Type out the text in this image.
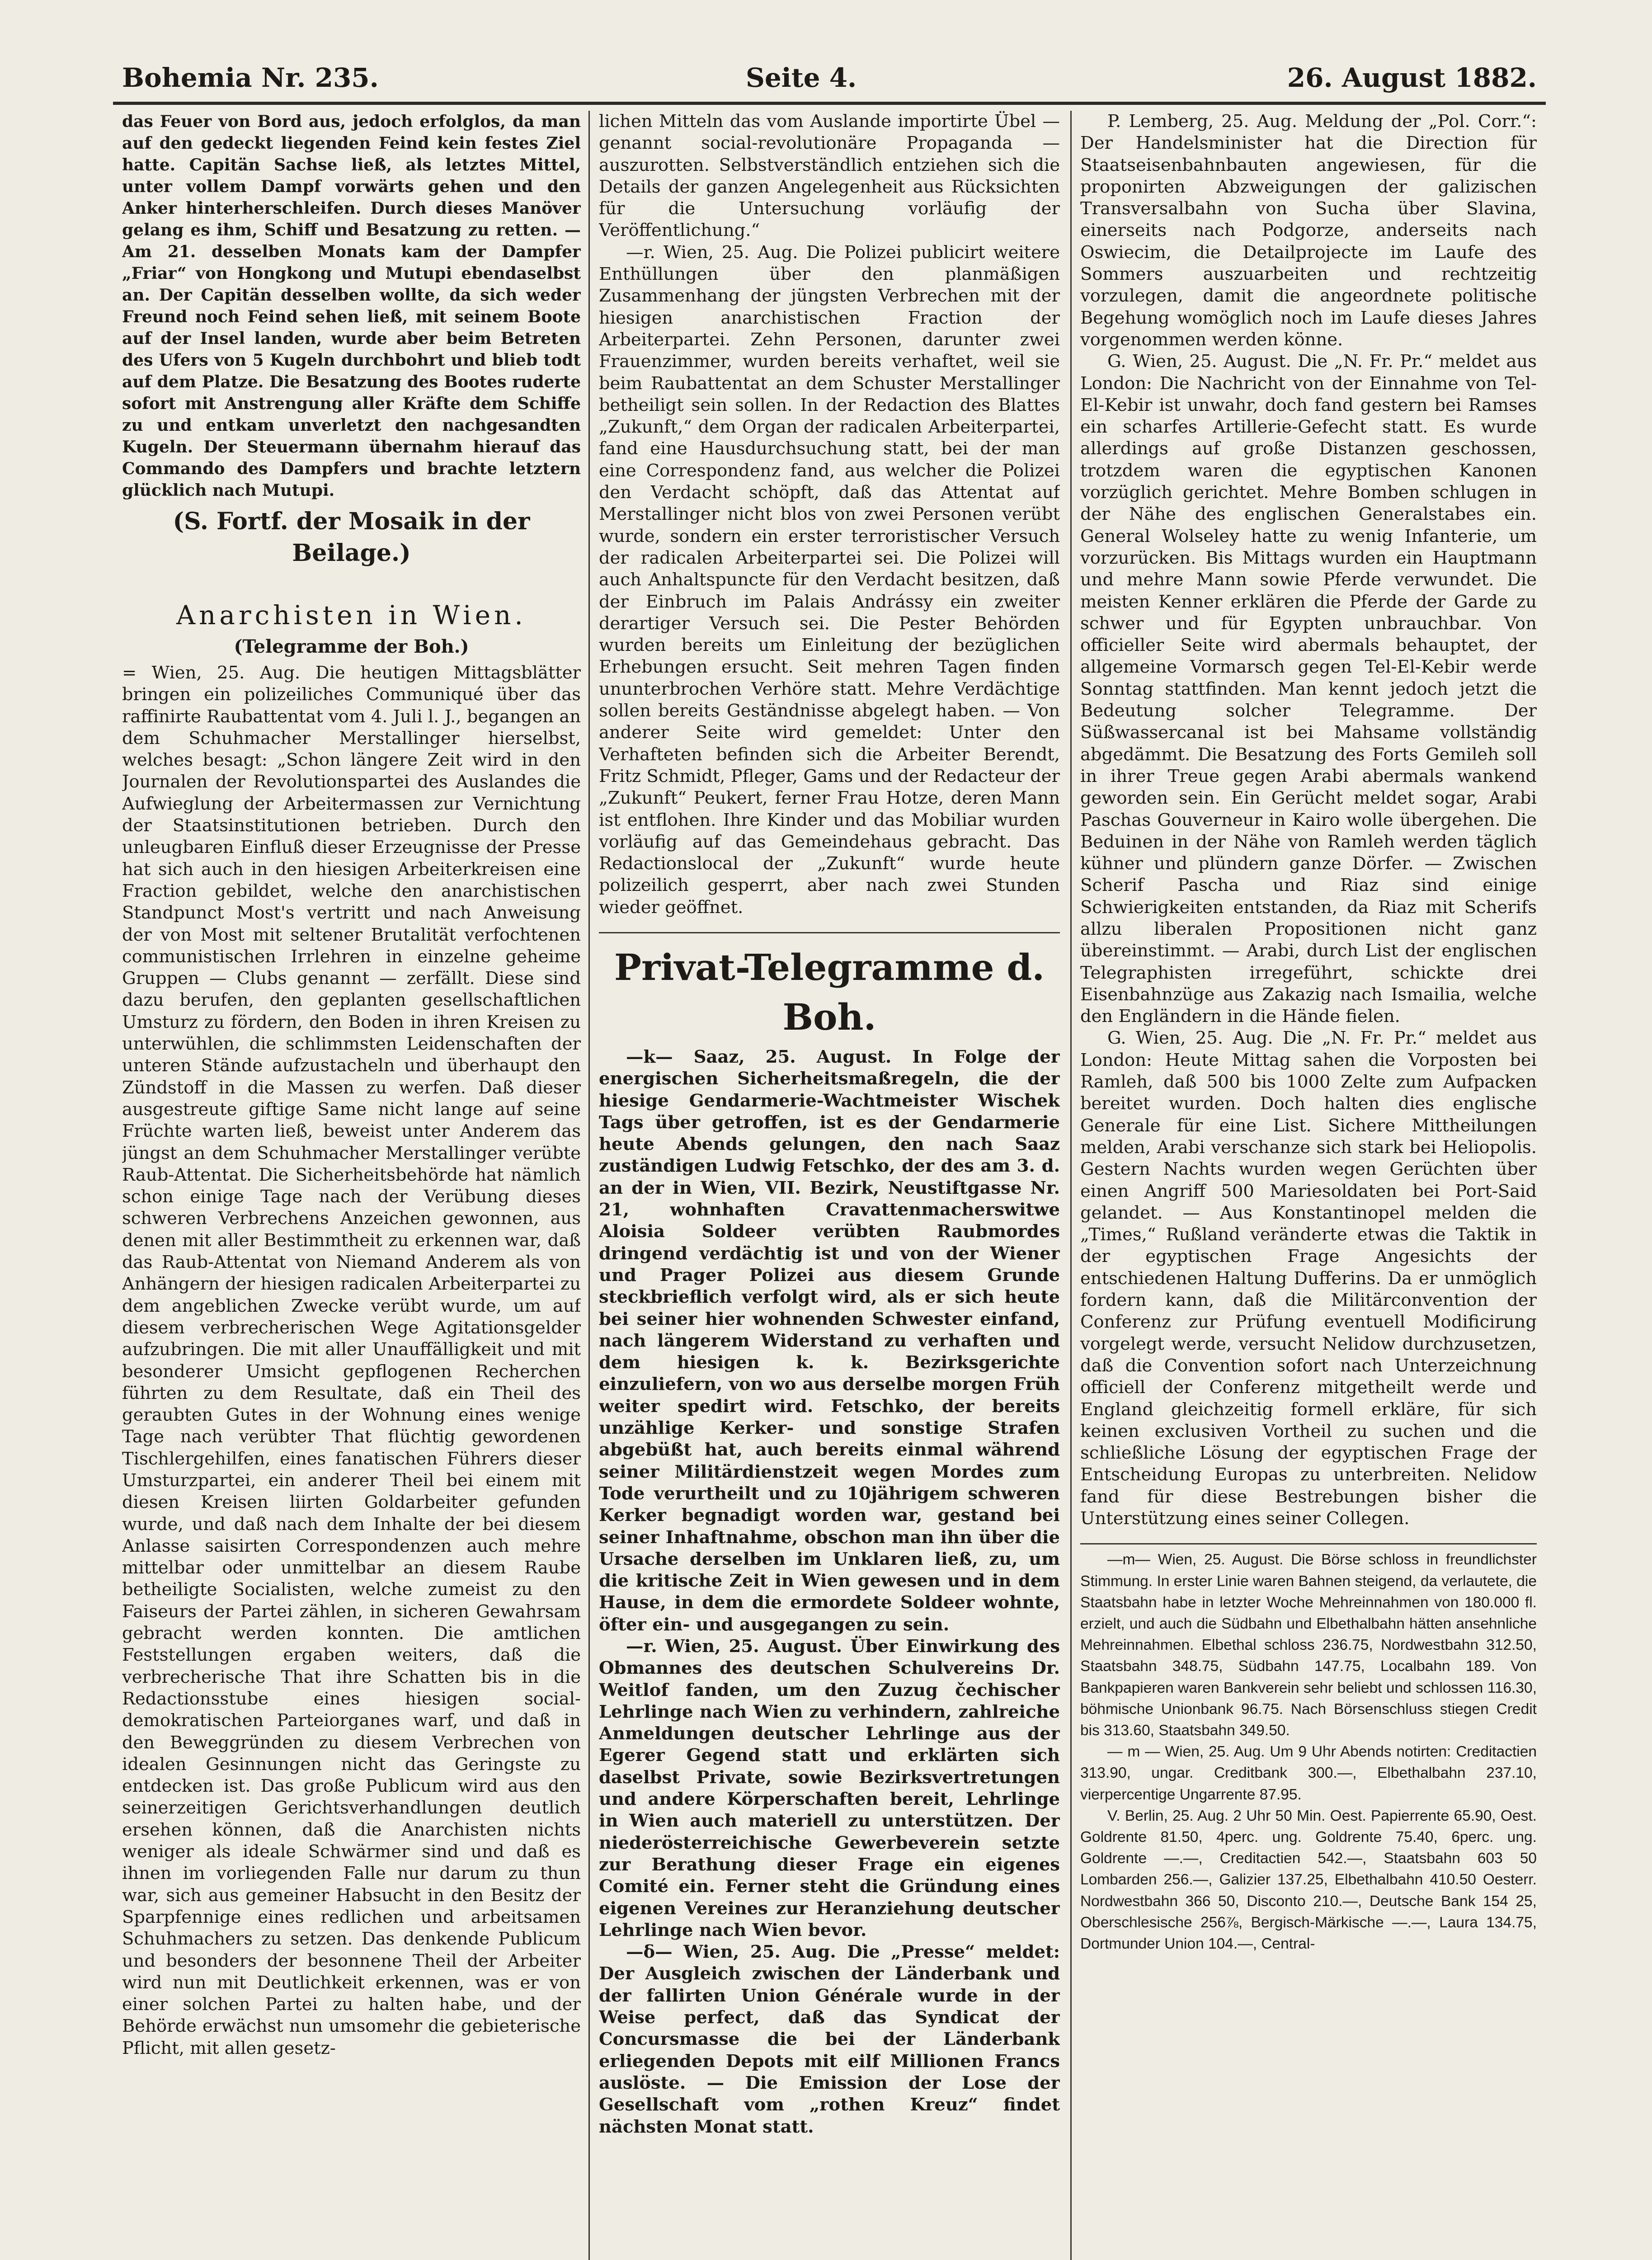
Bohemia Nr. 235.	Seite 4.	26. August 1882.

das Feuer von Bord aus, jedoch erfolglos, da man auf den gedeckt liegenden Feind kein festes Ziel hatte. Capitän Sachse ließ, als letztes Mittel, unter vollem Dampf vorwärts gehen und den Anker hinterherschleifen. Durch dieses Manöver gelang es ihm, Schiff und Besatzung zu retten. — Am 21. desselben Monats kam der Dampfer „Friar“ von Hongkong und Mutupi ebendaselbst an. Der Capitän desselben wollte, da sich weder Freund noch Feind sehen ließ, mit seinem Boote auf der Insel landen, wurde aber beim Betreten des Ufers von 5 Kugeln durchbohrt und blieb todt auf dem Platze. Die Besatzung des Bootes ruderte sofort mit Anstrengung aller Kräfte dem Schiffe zu und entkam unverletzt den nachgesandten Kugeln. Der Steuermann übernahm hierauf das Commando des Dampfers und brachte letztern glücklich nach Mutupi.

(S. Fortf. der Mosaik in der Beilage.)

Anarchisten in Wien.
(Telegramme der Boh.)

= Wien, 25. Aug. Die heutigen Mittagsblätter bringen ein polizeiliches Communiqué über das raffinirte Raubattentat vom 4. Juli l. J., begangen an dem Schuhmacher Merstallinger hierselbst, welches besagt: „Schon längere Zeit wird in den Journalen der Revolutionspartei des Auslandes die Aufwieglung der Arbeitermassen zur Vernichtung der Staatsinstitutionen betrieben. Durch den unleugbaren Einfluß dieser Erzeugnisse der Presse hat sich auch in den hiesigen Arbeiterkreisen eine Fraction gebildet, welche den anarchistischen Standpunct Most's vertritt und nach Anweisung der von Most mit seltener Brutalität verfochtenen communistischen Irrlehren in einzelne geheime Gruppen — Clubs genannt — zerfällt. Diese sind dazu berufen, den geplanten gesellschaftlichen Umsturz zu fördern, den Boden in ihren Kreisen zu unterwühlen, die schlimmsten Leidenschaften der unteren Stände aufzustacheln und überhaupt den Zündstoff in die Massen zu werfen. Daß dieser ausgestreute giftige Same nicht lange auf seine Früchte warten ließ, beweist unter Anderem das jüngst an dem Schuhmacher Merstallinger verübte Raub-Attentat. Die Sicherheitsbehörde hat nämlich schon einige Tage nach der Verübung dieses schweren Verbrechens Anzeichen gewonnen, aus denen mit aller Bestimmtheit zu erkennen war, daß das Raub-Attentat von Niemand Anderem als von Anhängern der hiesigen radicalen Arbeiterpartei zu dem angeblichen Zwecke verübt wurde, um auf diesem verbrecherischen Wege Agitationsgelder aufzubringen. Die mit aller Unauffälligkeit und mit besonderer Umsicht gepflogenen Recherchen führten zu dem Resultate, daß ein Theil des geraubten Gutes in der Wohnung eines wenige Tage nach verübter That flüchtig gewordenen Tischlergehilfen, eines fanatischen Führers dieser Umsturzpartei, ein anderer Theil bei einem mit diesen Kreisen liirten Goldarbeiter gefunden wurde, und daß nach dem Inhalte der bei diesem Anlasse saisirten Correspondenzen auch mehre mittelbar oder unmittelbar an diesem Raube betheiligte Socialisten, welche zumeist zu den Faiseurs der Partei zählen, in sicheren Gewahrsam gebracht werden konnten. Die amtlichen Feststellungen ergaben weiters, daß die verbrecherische That ihre Schatten bis in die Redactionsstube eines hiesigen social-demokratischen Parteiorganes warf, und daß in den Beweggründen zu diesem Verbrechen von idealen Gesinnungen nicht das Geringste zu entdecken ist. Das große Publicum wird aus den seinerzeitigen Gerichtsverhandlungen deutlich ersehen können, daß die Anarchisten nichts weniger als ideale Schwärmer sind und daß es ihnen im vorliegenden Falle nur darum zu thun war, sich aus gemeiner Habsucht in den Besitz der Sparpfennige eines redlichen und arbeitsamen Schuhmachers zu setzen. Das denkende Publicum und besonders der besonnene Theil der Arbeiter wird nun mit Deutlichkeit erkennen, was er von einer solchen Partei zu halten habe, und der Behörde erwächst nun umsomehr die gebieterische Pflicht, mit allen gesetz-

lichen Mitteln das vom Auslande importirte Übel — genannt social-revolutionäre Propaganda — auszurotten. Selbstverständlich entziehen sich die Details der ganzen Angelegenheit aus Rücksichten für die Untersuchung vorläufig der Veröffentlichung.“

—r. Wien, 25. Aug. Die Polizei publicirt weitere Enthüllungen über den planmäßigen Zusammenhang der jüngsten Verbrechen mit der hiesigen anarchistischen Fraction der Arbeiterpartei. Zehn Personen, darunter zwei Frauenzimmer, wurden bereits verhaftet, weil sie beim Raubattentat an dem Schuster Merstallinger betheiligt sein sollen. In der Redaction des Blattes „Zukunft,“ dem Organ der radicalen Arbeiterpartei, fand eine Hausdurchsuchung statt, bei der man eine Correspondenz fand, aus welcher die Polizei den Verdacht schöpft, daß das Attentat auf Merstallinger nicht blos von zwei Personen verübt wurde, sondern ein erster terroristischer Versuch der radicalen Arbeiterpartei sei. Die Polizei will auch Anhaltspuncte für den Verdacht besitzen, daß der Einbruch im Palais Andrássy ein zweiter derartiger Versuch sei. Die Pester Behörden wurden bereits um Einleitung der bezüglichen Erhebungen ersucht. Seit mehren Tagen finden ununterbrochen Verhöre statt. Mehre Verdächtige sollen bereits Geständnisse abgelegt haben. — Von anderer Seite wird gemeldet: Unter den Verhafteten befinden sich die Arbeiter Berendt, Fritz Schmidt, Pfleger, Gams und der Redacteur der „Zukunft“ Peukert, ferner Frau Hotze, deren Mann ist entflohen. Ihre Kinder und das Mobiliar wurden vorläufig auf das Gemeindehaus gebracht. Das Redactionslocal der „Zukunft“ wurde heute polizeilich gesperrt, aber nach zwei Stunden wieder geöffnet.

Privat-Telegramme d. Boh.

—k— Saaz, 25. August. In Folge der energischen Sicherheitsmaßregeln, die der hiesige Gendarmerie-Wachtmeister Wischek Tags über getroffen, ist es der Gendarmerie heute Abends gelungen, den nach Saaz zuständigen Ludwig Fetschko, der des am 3. d. an der in Wien, VII. Bezirk, Neustiftgasse Nr. 21, wohnhaften Cravattenmacherswitwe Aloisia Soldeer verübten Raubmordes dringend verdächtig ist und von der Wiener und Prager Polizei aus diesem Grunde steckbrieflich verfolgt wird, als er sich heute bei seiner hier wohnenden Schwester einfand, nach längerem Widerstand zu verhaften und dem hiesigen k. k. Bezirksgerichte einzuliefern, von wo aus derselbe morgen Früh weiter spedirt wird. Fetschko, der bereits unzählige Kerker- und sonstige Strafen abgebüßt hat, auch bereits einmal während seiner Militärdienstzeit wegen Mordes zum Tode verurtheilt und zu 10jährigem schweren Kerker begnadigt worden war, gestand bei seiner Inhaftnahme, obschon man ihn über die Ursache derselben im Unklaren ließ, zu, um die kritische Zeit in Wien gewesen und in dem Hause, in dem die ermordete Soldeer wohnte, öfter ein- und ausgegangen zu sein.

—r. Wien, 25. August. Über Einwirkung des Obmannes des deutschen Schulvereins Dr. Weitlof fanden, um den Zuzug čechischer Lehrlinge nach Wien zu verhindern, zahlreiche Anmeldungen deutscher Lehrlinge aus der Egerer Gegend statt und erklärten sich daselbst Private, sowie Bezirksvertretungen und andere Körperschaften bereit, Lehrlinge in Wien auch materiell zu unterstützen. Der niederösterreichische Gewerbeverein setzte zur Berathung dieser Frage ein eigenes Comité ein. Ferner steht die Gründung eines eigenen Vereines zur Heranziehung deutscher Lehrlinge nach Wien bevor.

—δ— Wien, 25. Aug. Die „Presse“ meldet: Der Ausgleich zwischen der Länderbank und der fallirten Union Générale wurde in der Weise perfect, daß das Syndicat der Concursmasse die bei der Länderbank erliegenden Depots mit eilf Millionen Francs auslöste. — Die Emission der Lose der Gesellschaft vom „rothen Kreuz“ findet nächsten Monat statt.

P. Lemberg, 25. Aug. Meldung der „Pol. Corr.“: Der Handelsminister hat die Direction für Staatseisenbahnbauten angewiesen, für die proponirten Abzweigungen der galizischen Transversalbahn von Sucha über Slavina, einerseits nach Podgorze, anderseits nach Oswiecim, die Detailprojecte im Laufe des Sommers auszuarbeiten und rechtzeitig vorzulegen, damit die angeordnete politische Begehung womöglich noch im Laufe dieses Jahres vorgenommen werden könne.

G. Wien, 25. August. Die „N. Fr. Pr.“ meldet aus London: Die Nachricht von der Einnahme von Tel-El-Kebir ist unwahr, doch fand gestern bei Ramses ein scharfes Artillerie-Gefecht statt. Es wurde allerdings auf große Distanzen geschossen, trotzdem waren die egyptischen Kanonen vorzüglich gerichtet. Mehre Bomben schlugen in der Nähe des englischen Generalstabes ein. General Wolseley hatte zu wenig Infanterie, um vorzurücken. Bis Mittags wurden ein Hauptmann und mehre Mann sowie Pferde verwundet. Die meisten Kenner erklären die Pferde der Garde zu schwer und für Egypten unbrauchbar. Von officieller Seite wird abermals behauptet, der allgemeine Vormarsch gegen Tel-El-Kebir werde Sonntag stattfinden. Man kennt jedoch jetzt die Bedeutung solcher Telegramme. Der Süßwassercanal ist bei Mahsame vollständig abgedämmt. Die Besatzung des Forts Gemileh soll in ihrer Treue gegen Arabi abermals wankend geworden sein. Ein Gerücht meldet sogar, Arabi Paschas Gouverneur in Kairo wolle übergehen. Die Beduinen in der Nähe von Ramleh werden täglich kühner und plündern ganze Dörfer. — Zwischen Scherif Pascha und Riaz sind einige Schwierigkeiten entstanden, da Riaz mit Scherifs allzu liberalen Propositionen nicht ganz übereinstimmt. — Arabi, durch List der englischen Telegraphisten irregeführt, schickte drei Eisenbahnzüge aus Zakazig nach Ismailia, welche den Engländern in die Hände fielen.

G. Wien, 25. Aug. Die „N. Fr. Pr.“ meldet aus London: Heute Mittag sahen die Vorposten bei Ramleh, daß 500 bis 1000 Zelte zum Aufpacken bereitet wurden. Doch halten dies englische Generale für eine List. Sichere Mittheilungen melden, Arabi verschanze sich stark bei Heliopolis. Gestern Nachts wurden wegen Gerüchten über einen Angriff 500 Mariesoldaten bei Port-Said gelandet. — Aus Konstantinopel melden die „Times,“ Rußland veränderte etwas die Taktik in der egyptischen Frage Angesichts der entschiedenen Haltung Dufferins. Da er unmöglich fordern kann, daß die Militärconvention der Conferenz zur Prüfung eventuell Modificirung vorgelegt werde, versucht Nelidow durchzusetzen, daß die Convention sofort nach Unterzeichnung officiell der Conferenz mitgetheilt werde und England gleichzeitig formell erkläre, für sich keinen exclusiven Vortheil zu suchen und die schließliche Lösung der egyptischen Frage der Entscheidung Europas zu unterbreiten. Nelidow fand für diese Bestrebungen bisher die Unterstützung eines seiner Collegen.

—m— Wien, 25. August. Die Börse schloss in freundlichster Stimmung. In erster Linie waren Bahnen steigend, da verlautete, die Staatsbahn habe in letzter Woche Mehreinnahmen von 180.000 fl. erzielt, und auch die Südbahn und Elbethalbahn hätten ansehnliche Mehreinnahmen. Elbethal schloss 236.75, Nordwestbahn 312.50, Staatsbahn 348.75, Südbahn 147.75, Localbahn 189. Von Bankpapieren waren Bankverein sehr beliebt und schlossen 116.30, böhmische Unionbank 96.75. Nach Börsenschluss stiegen Credit bis 313.60, Staatsbahn 349.50.

— m — Wien, 25. Aug. Um 9 Uhr Abends notirten: Creditactien 313.90, ungar. Creditbank 300.—, Elbethalbahn 237.10, vierpercentige Ungarrente 87.95.

V. Berlin, 25. Aug. 2 Uhr 50 Min. Oest. Papierrente 65.90, Oest. Goldrente 81.50, 4perc. ung. Goldrente 75.40, 6perc. ung. Goldrente —.—, Creditactien 542.—, Staatsbahn 603 50 Lombarden 256.—, Galizier 137.25, Elbethalbahn 410.50 Oesterr. Nordwestbahn 366 50, Disconto 210.—, Deutsche Bank 154 25, Oberschlesische 256⅞, Bergisch-Märkische —.—, Laura 134.75, Dortmunder Union 104.—, Central-
